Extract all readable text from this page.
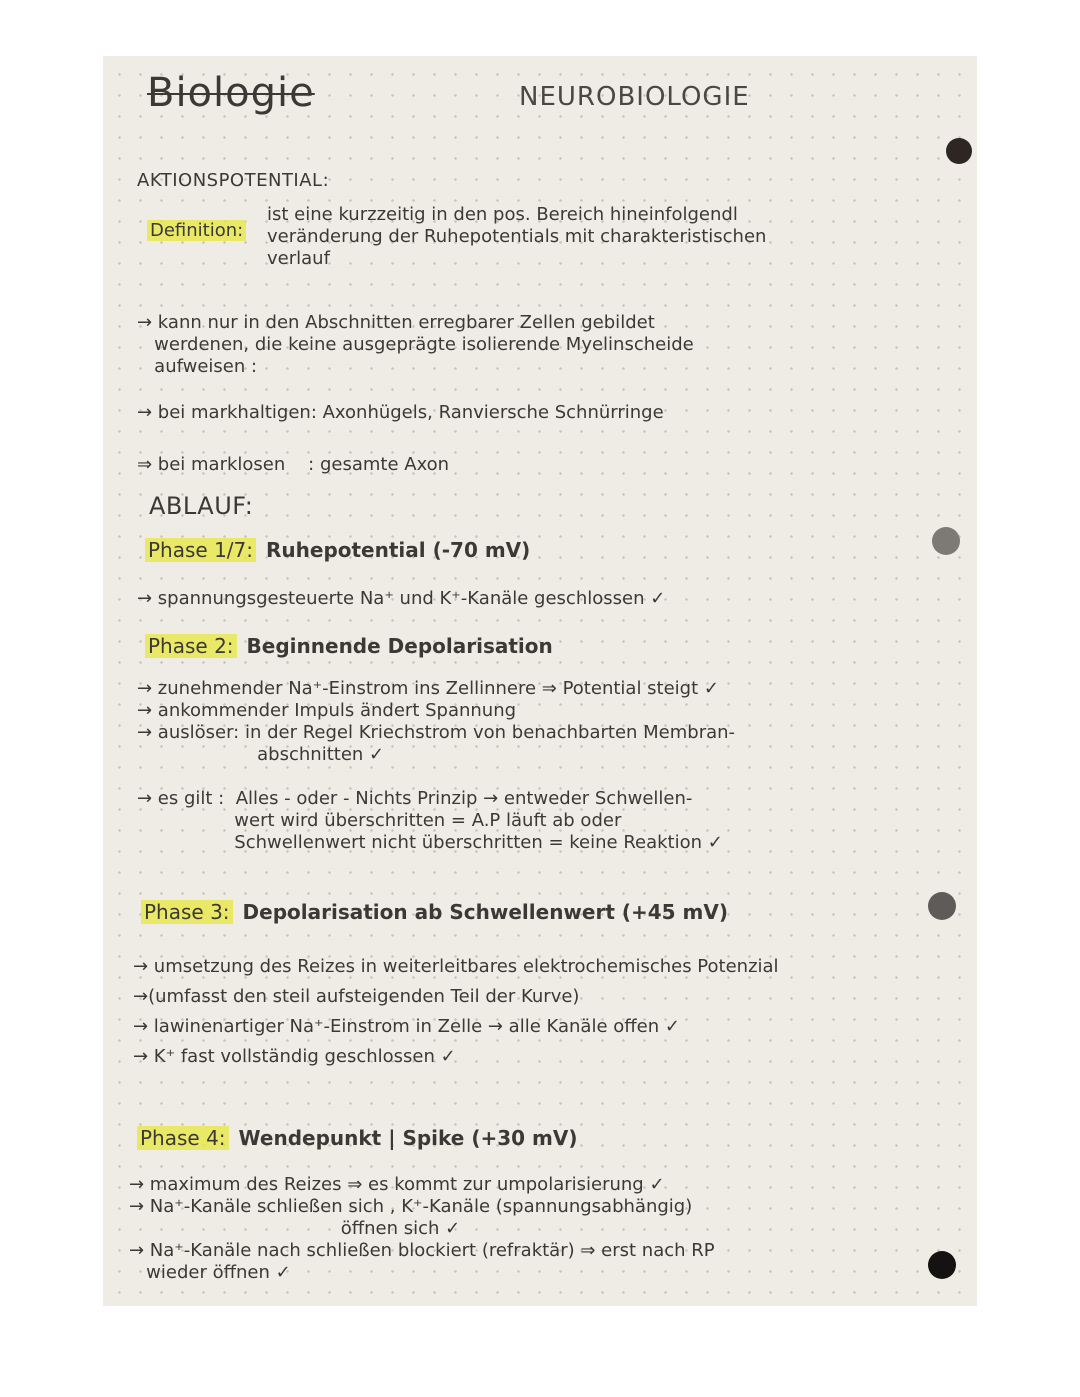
Biologie	NEUROBIOLOGIE
AKTIONSPOTENTIAL:
Definition:
ist eine kurzzeitig in den pos. Bereich hineinfolgendl
veränderung der Ruhepotentials mit charakteristischen
verlauf
→ kann nur in den Abschnitten erregbarer Zellen gebildet
werdenen, die keine ausgeprägte isolierende Myelinscheide
aufweisen :
→ bei markhaltigen: Axonhügels, Ranviersche Schnürringe
⇒ bei marklosen    : gesamte Axon
ABLAUF:
Phase 1/7: Ruhepotential (-70 mV)
→ spannungsgesteuerte Na⁺ und K⁺-Kanäle geschlossen ✓
Phase 2: Beginnende Depolarisation
→ zunehmender Na⁺-Einstrom ins Zellinnere ⇒ Potential steigt ✓
→ ankommender Impuls ändert Spannung
→ auslöser: in der Regel Kriechstrom von benachbarten Membran-
abschnitten ✓

→ es gilt :  Alles - oder - Nichts Prinzip → entweder Schwellen-
wert wird überschritten = A.P läuft ab oder
Schwellenwert nicht überschritten = keine Reaktion ✓
Phase 3: Depolarisation ab Schwellenwert (+45 mV)
→ umsetzung des Reizes in weiterleitbares elektrochemisches Potenzial
→(umfasst den steil aufsteigenden Teil der Kurve)
→ lawinenartiger Na⁺-Einstrom in Zelle → alle Kanäle offen ✓
→ K⁺ fast vollständig geschlossen ✓
Phase 4: Wendepunkt | Spike (+30 mV)
→ maximum des Reizes ⇒ es kommt zur umpolarisierung ✓
→ Na⁺-Kanäle schließen sich , K⁺-Kanäle (spannungsabhängig)
öffnen sich ✓
→ Na⁺-Kanäle nach schließen blockiert (refraktär) ⇒ erst nach RP
wieder öffnen ✓
